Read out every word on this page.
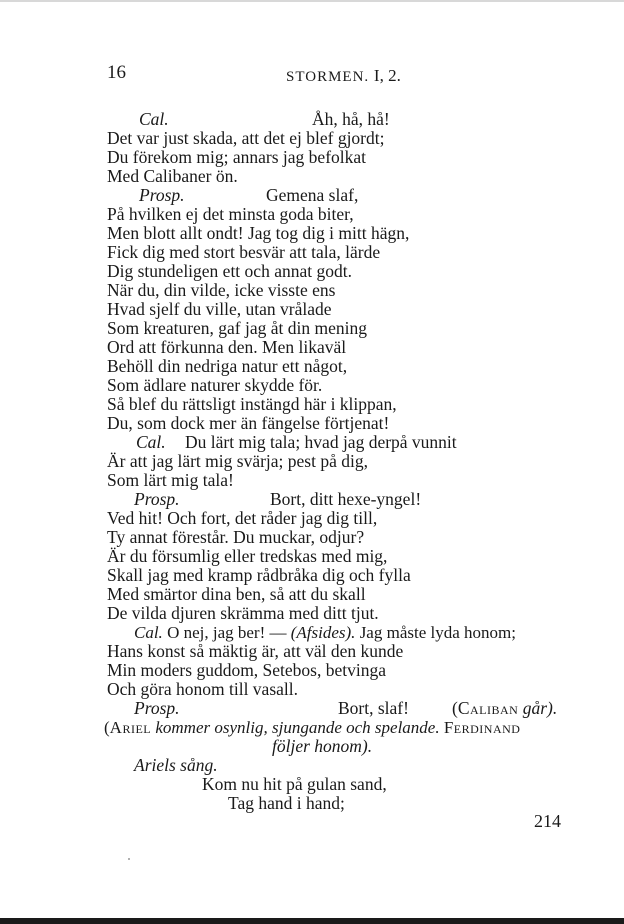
16	STORMEN. I, 2.
Cal.	Åh, hå, hå!
Det var just skada, att det ej blef gjordt;
Du förekom mig; annars jag befolkat
Med Calibaner ön.
Prosp.	Gemena slaf,
På hvilken ej det minsta goda biter,
Men blott allt ondt! Jag tog dig i mitt hägn,
Fick dig med stort besvär att tala, lärde
Dig stundeligen ett och annat godt.
När du, din vilde, icke visste ens
Hvad sjelf du ville, utan vrålade
Som kreaturen, gaf jag åt din mening
Ord att förkunna den. Men likaväl
Behöll din nedriga natur ett något,
Som ädlare naturer skydde för.
Så blef du rättsligt instängd här i klippan,
Du, som dock mer än fängelse förtjenat!
Cal. Du lärt mig tala; hvad jag derpå vunnit
Är att jag lärt mig svärja; pest på dig,
Som lärt mig tala!
Prosp.	Bort, ditt hexe-yngel!
Ved hit! Och fort, det råder jag dig till,
Ty annat förestår. Du muckar, odjur?
Är du försumlig eller tredskas med mig,
Skall jag med kramp rådbråka dig och fylla
Med smärtor dina ben, så att du skall
De vilda djuren skrämma med ditt tjut.
Cal. O nej, jag ber! — (Afsides). Jag måste lyda honom;
Hans konst så mäktig är, att väl den kunde
Min moders guddom, Setebos, betvinga
Och göra honom till vasall.
Prosp.	Bort, slaf! (Caliban går).
(Ariel kommer osynlig, sjungande och spelande. Ferdinand
följer honom).
Ariels sång.
Kom nu hit på gulan sand,
Tag hand i hand;
214
